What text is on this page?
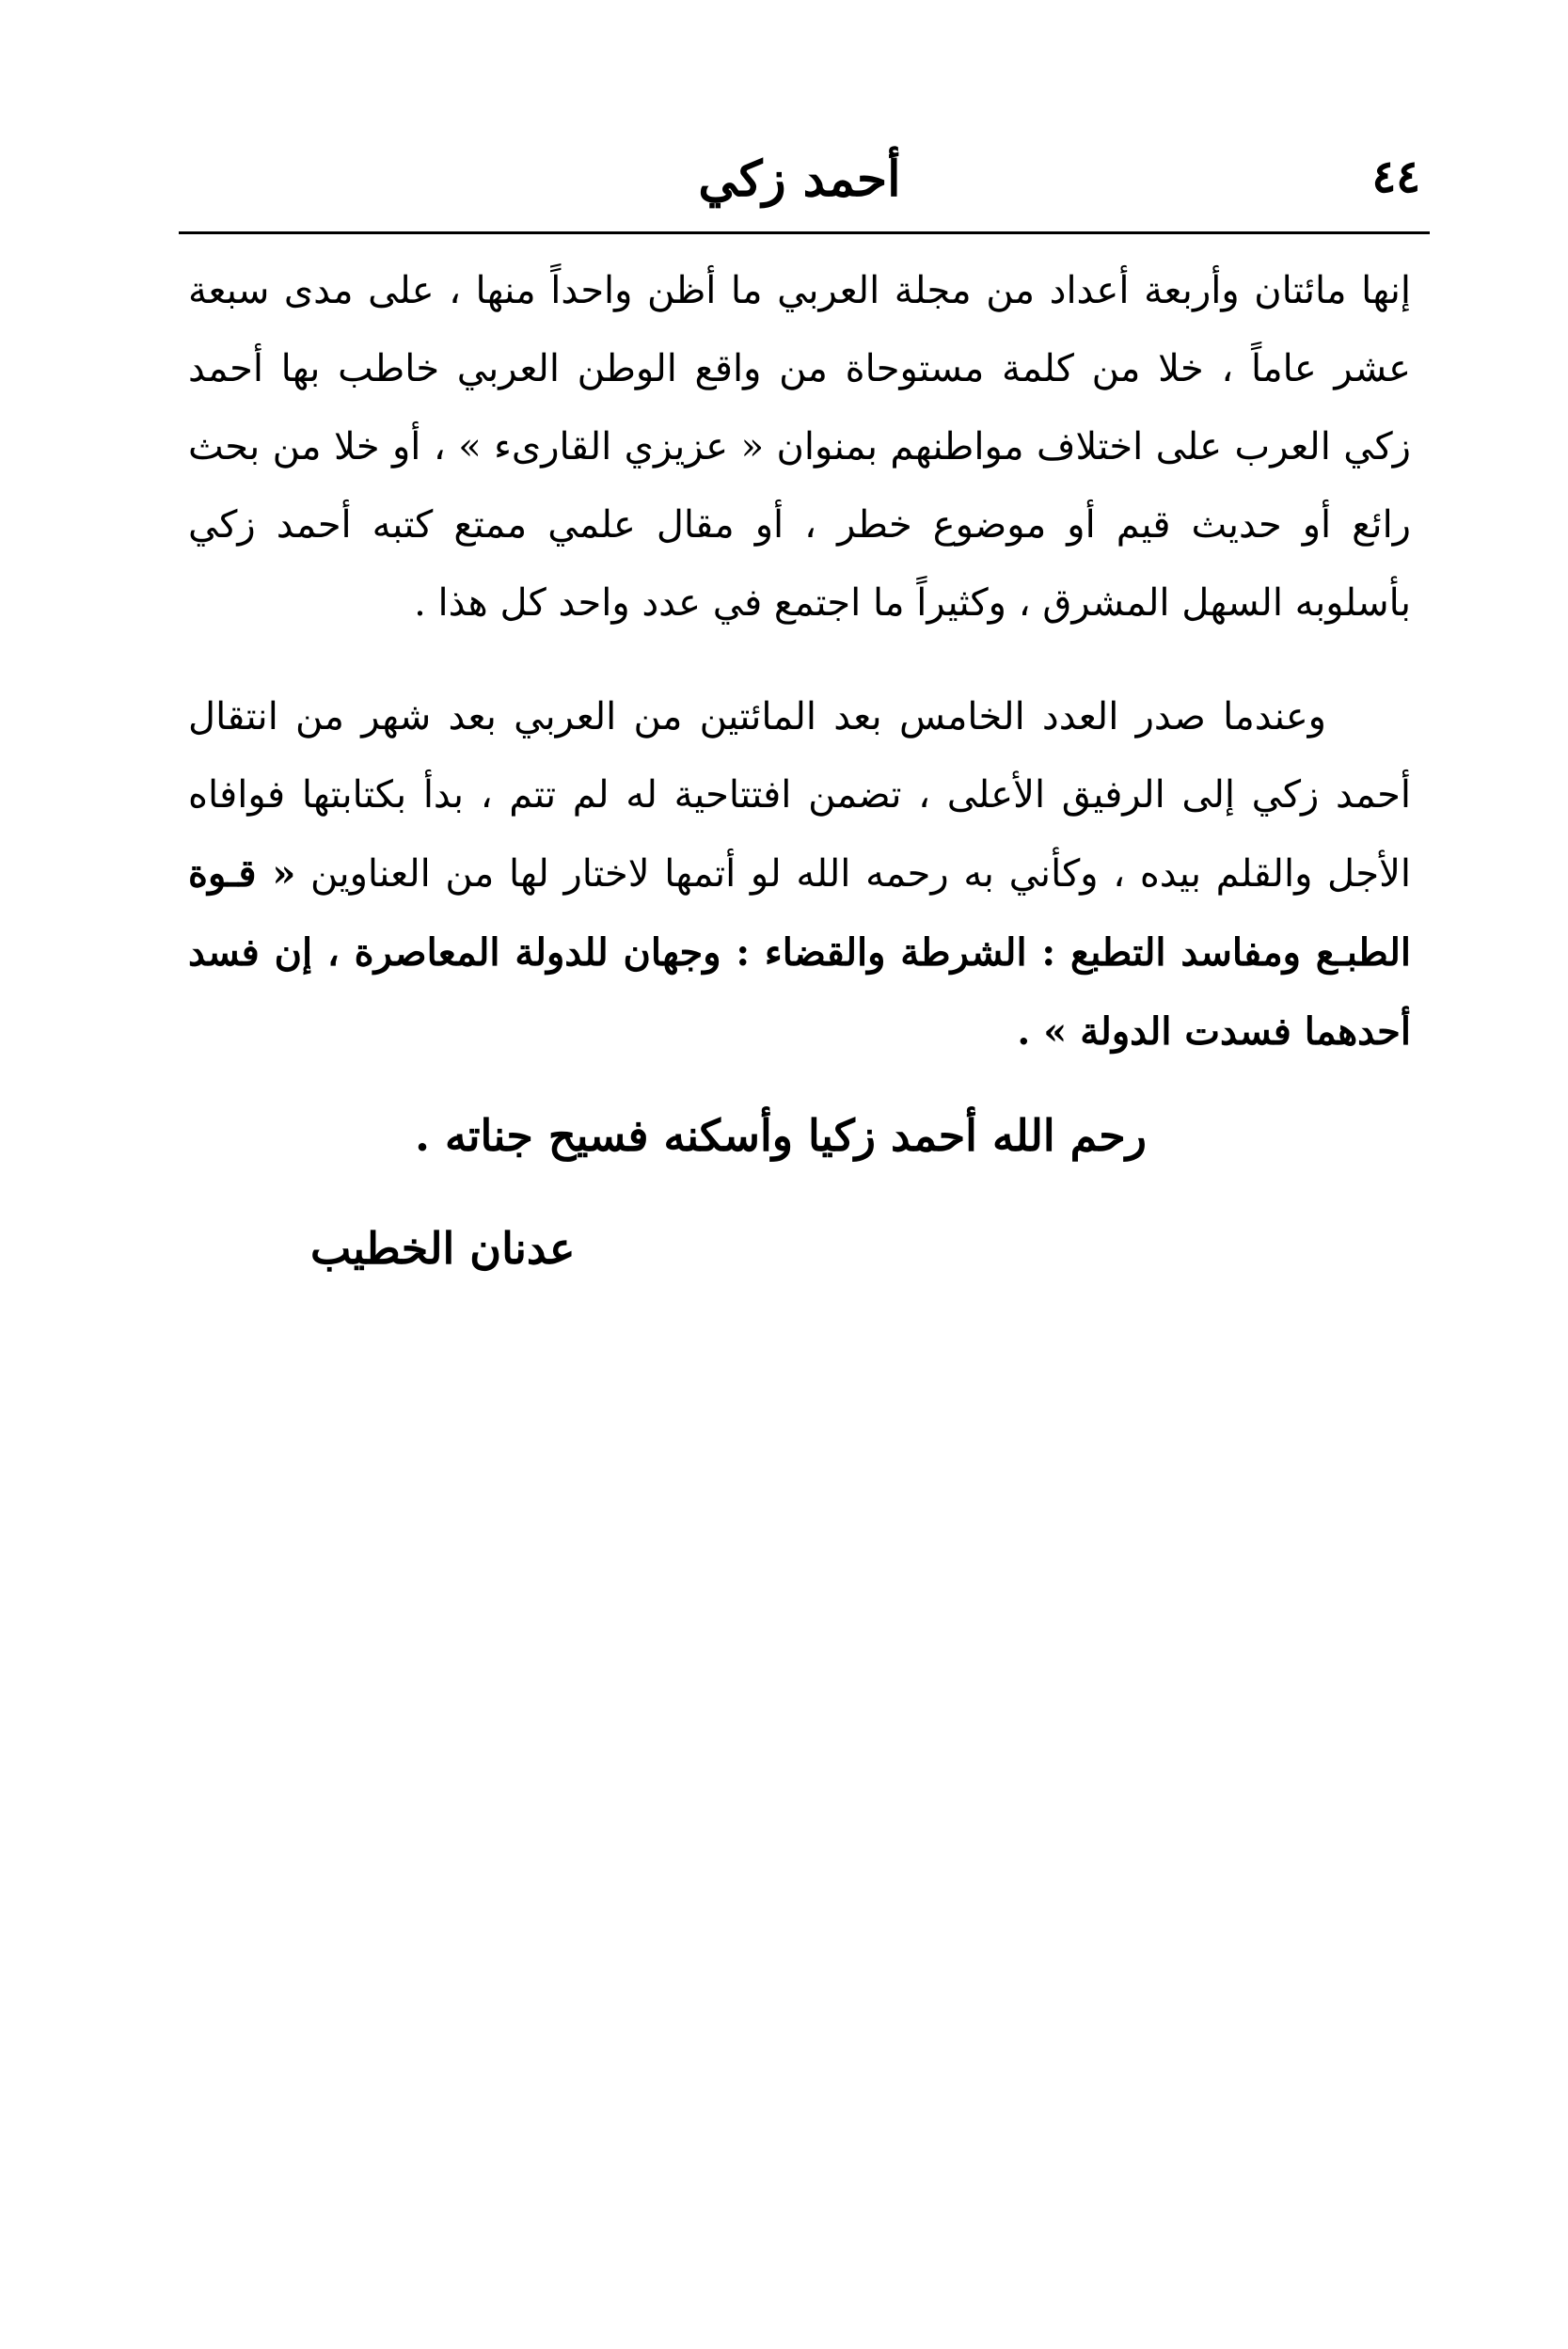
٤٤
أحمد زكي

إنها مائتان وأربعة أعداد من مجلة العربي ما أظن واحداً منها ، على مدى سبعة عشر عاماً ، خلا من كلمة مستوحاة من واقع الوطن العربي خاطب بها أحمد زكي العرب على اختلاف مواطنهم بمنوان « عزيزي القارىء » ، أو خلا من بحث رائع أو حديث قيم أو موضوع خطر ، أو مقال علمي ممتع كتبه أحمد زكي بأسلوبه السهل المشرق ، وكثيراً ما اجتمع في عدد واحد كل هذا .

وعندما صدر العدد الخامس بعد المائتين من العربي بعد شهر من انتقال أحمد زكي إلى الرفيق الأعلى ، تضمن افتتاحية له لم تتم ، بدأ بكتابتها فوافاه الأجل والقلم بيده ، وكأني به رحمه الله لو أتمها لاختار لها من العناوين « قـوة الطبـع ومفاسد التطبع : الشرطة والقضاء : وجهان للدولة المعاصرة ، إن فسد أحدهما فسدت الدولة » .

رحم الله أحمد زكيا وأسكنه فسيح جناته .
عدنان الخطيب
